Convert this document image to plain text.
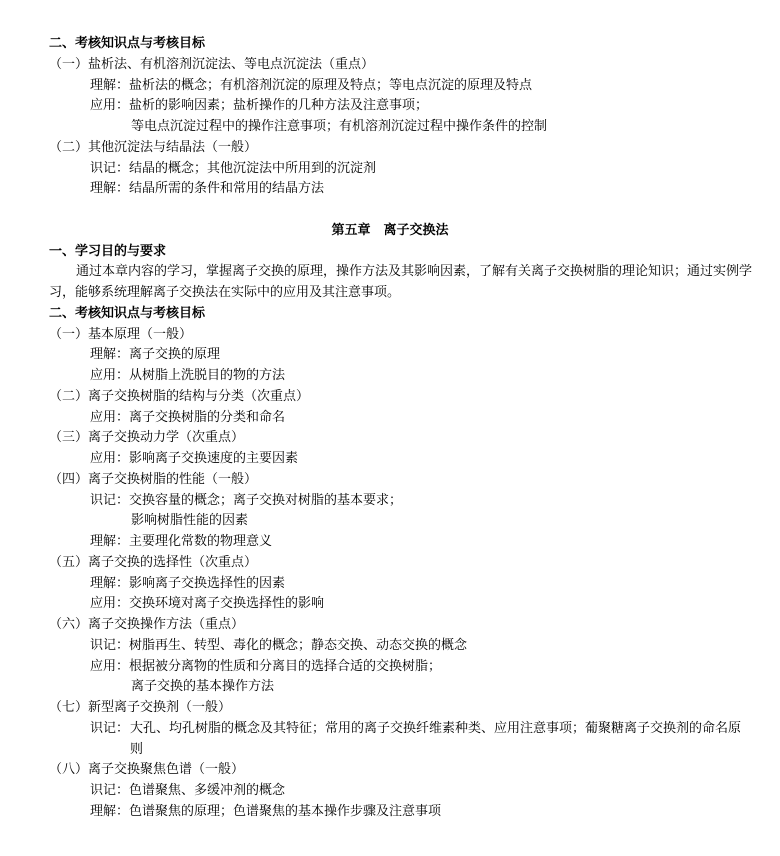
二、考核知识点与考核目标
（一）盐析法、有机溶剂沉淀法、等电点沉淀法（重点）
理解：盐析法的概念；有机溶剂沉淀的原理及特点；等电点沉淀的原理及特点
应用：盐析的影响因素；盐析操作的几种方法及注意事项；
等电点沉淀过程中的操作注意事项；有机溶剂沉淀过程中操作条件的控制
（二）其他沉淀法与结晶法（一般）
识记：结晶的概念；其他沉淀法中所用到的沉淀剂
理解：结晶所需的条件和常用的结晶方法
第五章　离子交换法
一、学习目的与要求

通过本章内容的学习，掌握离子交换的原理，操作方法及其影响因素，了解有关离子交换树脂的理论知识；通过实例学习，能够系统理解离子交换法在实际中的应用及其注意事项。

二、考核知识点与考核目标
（一）基本原理（一般）
理解：离子交换的原理
应用：从树脂上洗脱目的物的方法
（二）离子交换树脂的结构与分类（次重点）
应用：离子交换树脂的分类和命名
（三）离子交换动力学（次重点）
应用：影响离子交换速度的主要因素
（四）离子交换树脂的性能（一般）
识记：交换容量的概念；离子交换对树脂的基本要求；
影响树脂性能的因素
理解：主要理化常数的物理意义
（五）离子交换的选择性（次重点）
理解：影响离子交换选择性的因素
应用：交换环境对离子交换选择性的影响
（六）离子交换操作方法（重点）
识记：树脂再生、转型、毒化的概念；静态交换、动态交换的概念
应用：根据被分离物的性质和分离目的选择合适的交换树脂；
离子交换的基本操作方法
（七）新型离子交换剂（一般）
识记： 大孔、均孔树脂的概念及其特征；常用的离子交换纤维素种类、应用注意事项；葡聚糖离子交换剂的命名原则
（八）离子交换聚焦色谱（一般）
识记：色谱聚焦、多缓冲剂的概念
理解：色谱聚焦的原理；色谱聚焦的基本操作步骤及注意事项
